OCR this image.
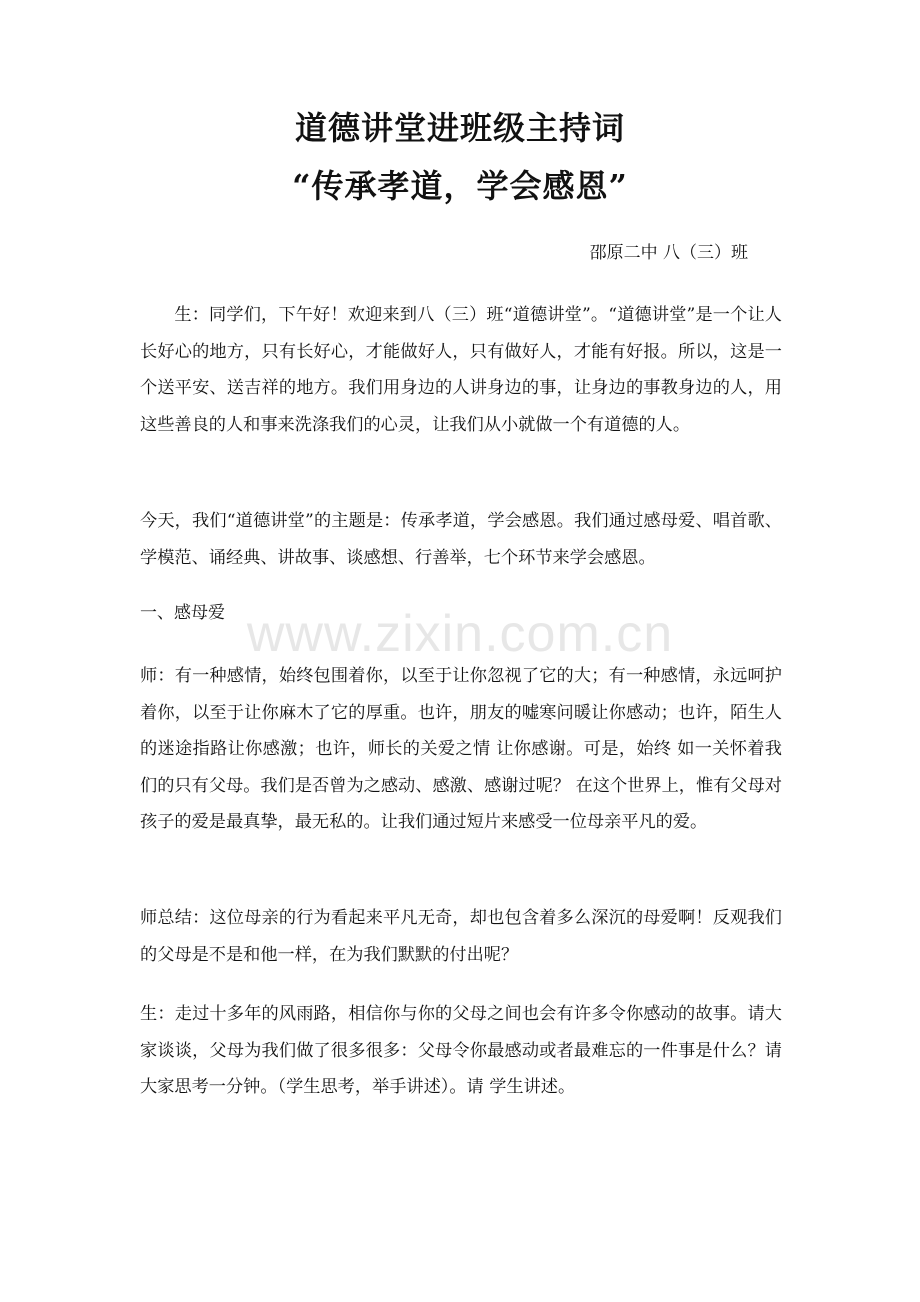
道德讲堂进班级主持词
“传承孝道，学会感恩”
邵原二中 八（三）班

生：同学们，下午好！欢迎来到八（三）班“道德讲堂”。“道德讲堂”是一个让人长好心的地方，只有长好心，才能做好人，只有做好人，才能有好报。所以，这是一个送平安、送吉祥的地方。我们用身边的人讲身边的事，让身边的事教身边的人，用这些善良的人和事来洗涤我们的心灵，让我们从小就做一个有道德的人。

今天，我们“道德讲堂”的主题是：传承孝道，学会感恩。我们通过感母爱、唱首歌、学模范、诵经典、讲故事、谈感想、行善举，七个环节来学会感恩。

一、感母爱

师：有一种感情，始终包围着你，以至于让你忽视了它的大；有一种感情，永远呵护着你，以至于让你麻木了它的厚重。也许，朋友的嘘寒问暖让你感动；也许，陌生人的迷途指路让你感激；也许，师长的关爱之情 让你感谢。可是，始终 如一关怀着我们的只有父母。我们是否曾为之感动、感激、感谢过呢？ 在这个世界上，惟有父母对孩子的爱是最真挚，最无私的。让我们通过短片来感受一位母亲平凡的爱。

师总结：这位母亲的行为看起来平凡无奇，却也包含着多么深沉的母爱啊！反观我们的父母是不是和他一样，在为我们默默的付出呢？

生：走过十多年的风雨路，相信你与你的父母之间也会有许多令你感动的故事。请大家谈谈，父母为我们做了很多很多：父母令你最感动或者最难忘的一件事是什么？请大家思考一分钟。（学生思考，举手讲述）。请 学生讲述。

www.zixin.com.cn
